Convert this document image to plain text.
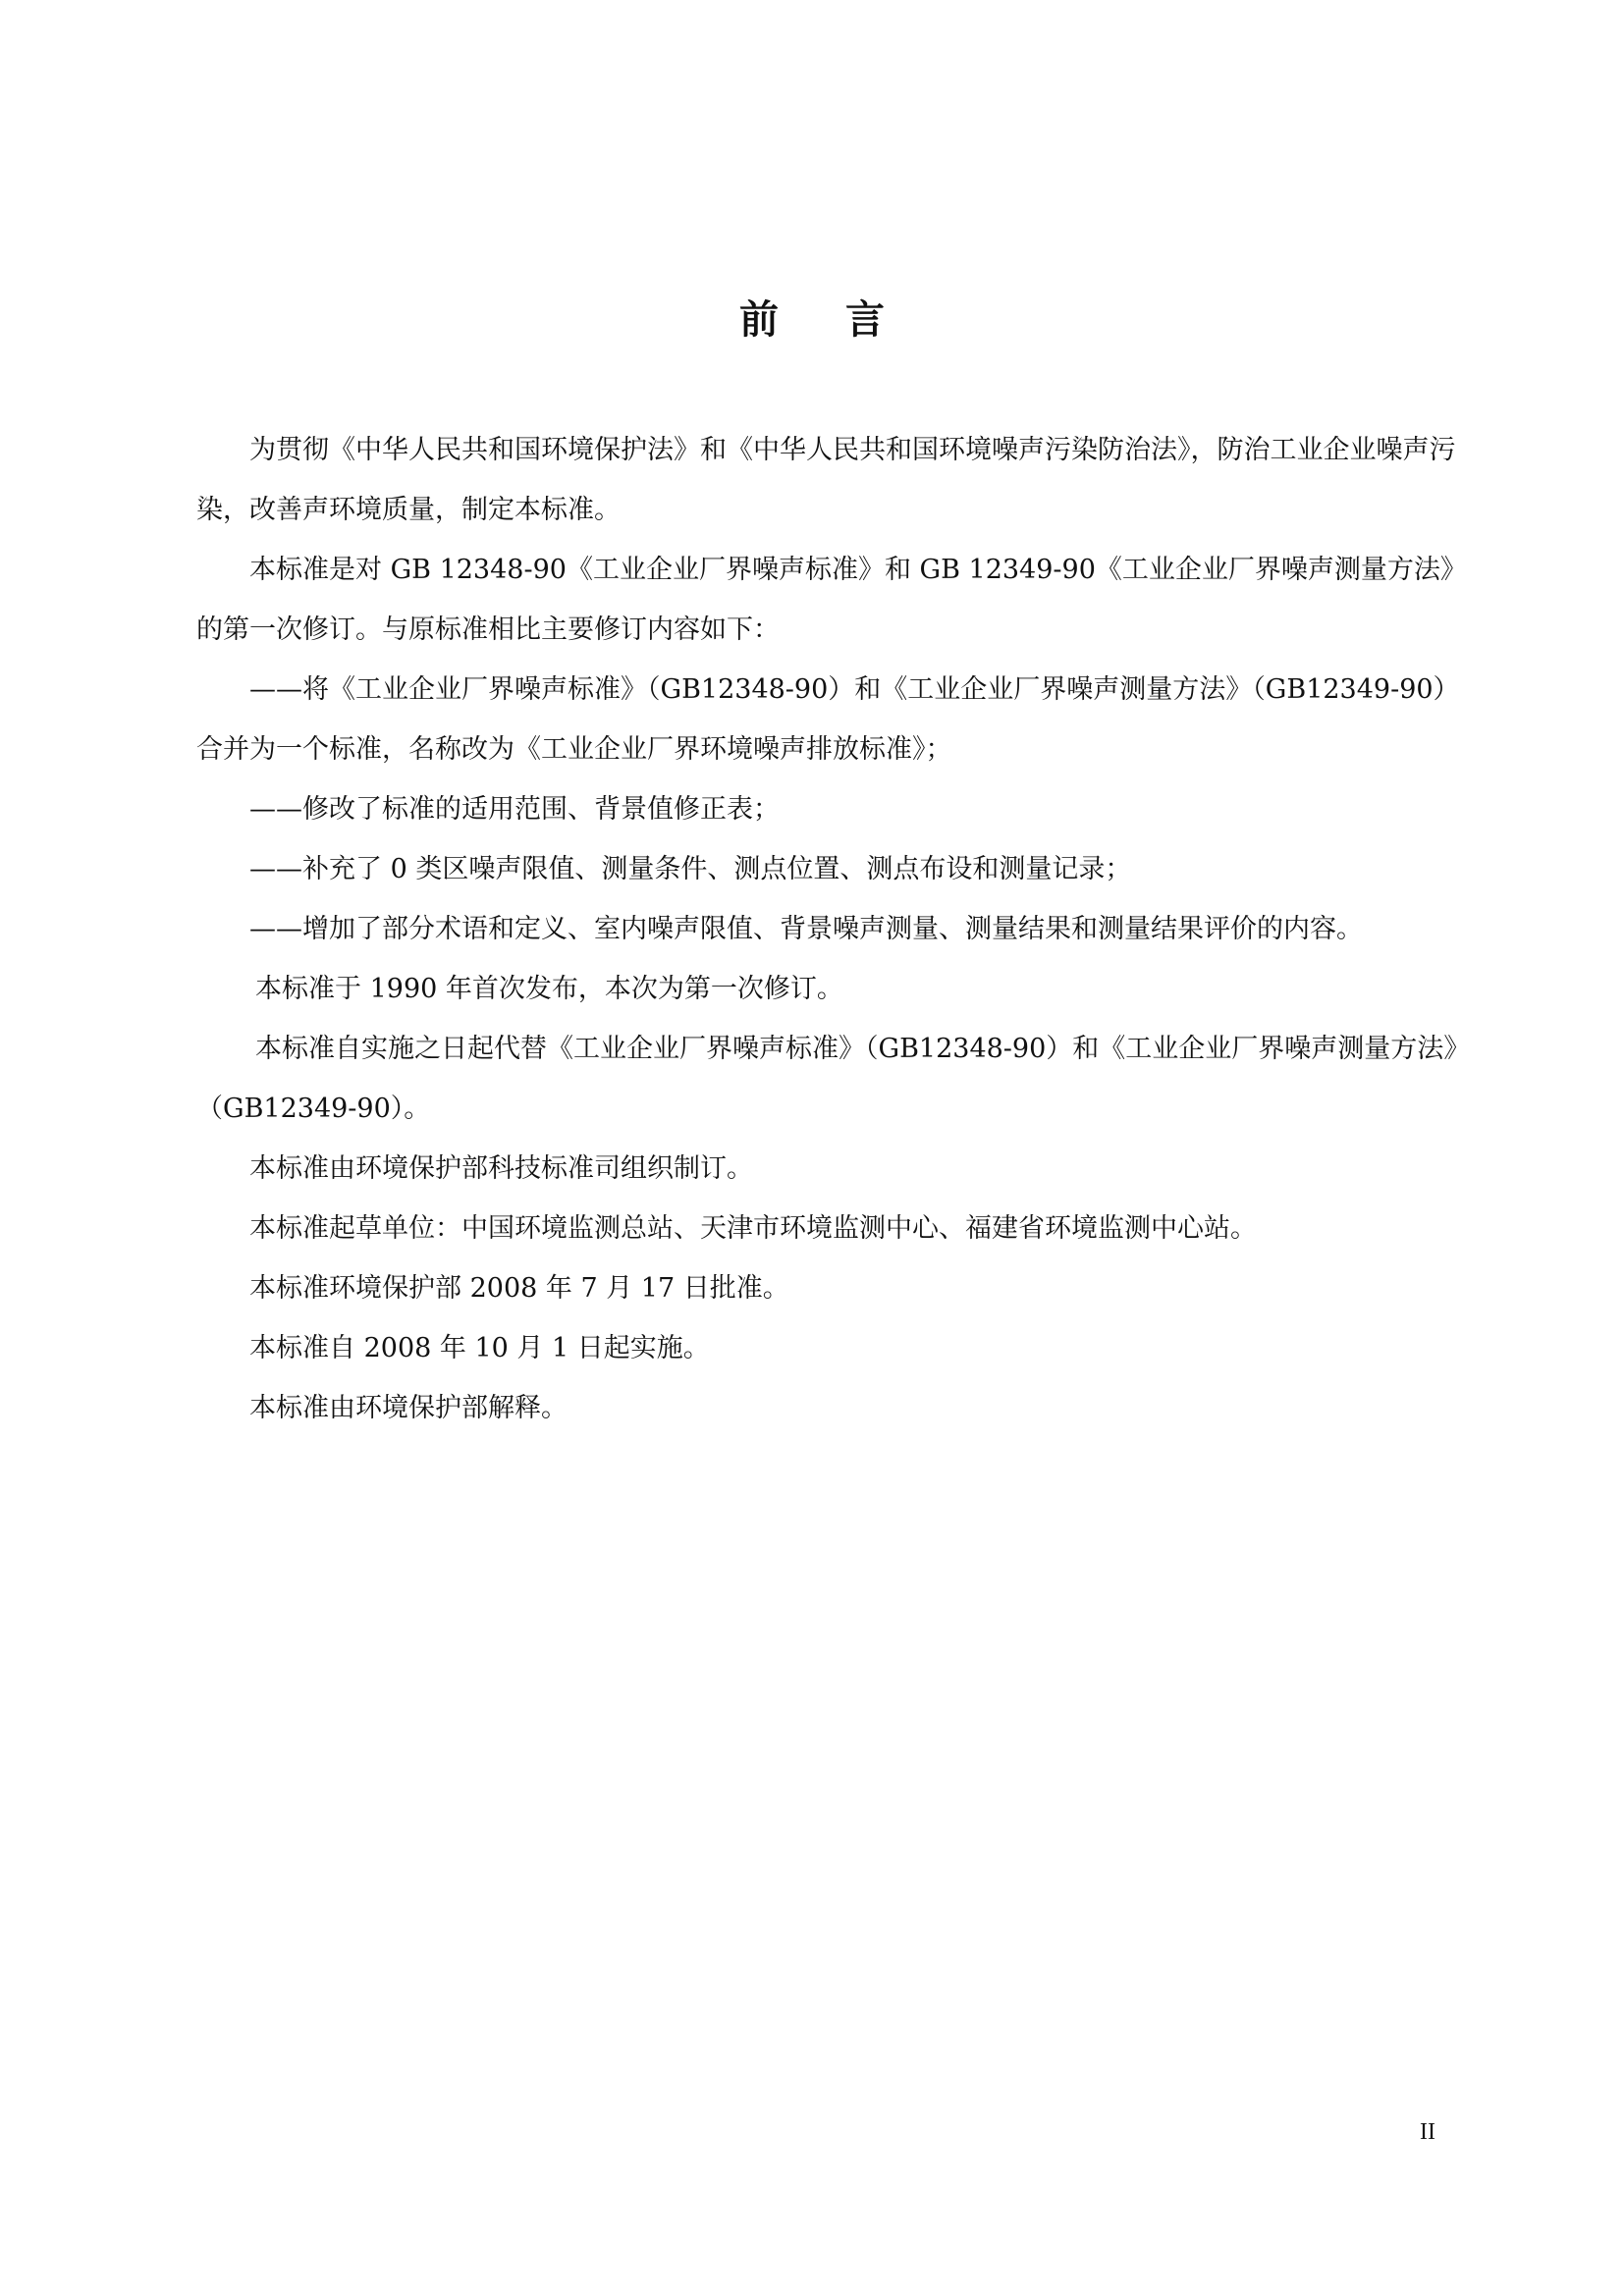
前言

为贯彻《中华人民共和国环境保护法》和《中华人民共和国环境噪声污染防治法》，防治工业企业噪声污染，改善声环境质量，制定本标准。

本标准是对 GB 12348-90《工业企业厂界噪声标准》和 GB 12349-90《工业企业厂界噪声测量方法》的第一次修订。与原标准相比主要修订内容如下：

——将《工业企业厂界噪声标准》（GB12348-90）和《工业企业厂界噪声测量方法》（GB12349-90）合并为一个标准，名称改为《工业企业厂界环境噪声排放标准》；

——修改了标准的适用范围、背景值修正表；

——补充了 0 类区噪声限值、测量条件、测点位置、测点布设和测量记录；

——增加了部分术语和定义、室内噪声限值、背景噪声测量、测量结果和测量结果评价的内容。

本标准于 1990 年首次发布，本次为第一次修订。

本标准自实施之日起代替《工业企业厂界噪声标准》（GB12348-90）和《工业企业厂界噪声测量方法》（GB12349-90）。

本标准由环境保护部科技标准司组织制订。

本标准起草单位：中国环境监测总站、天津市环境监测中心、福建省环境监测中心站。

本标准环境保护部 2008 年 7 月 17 日批准。

本标准自 2008 年 10 月 1 日起实施。

本标准由环境保护部解释。

II
